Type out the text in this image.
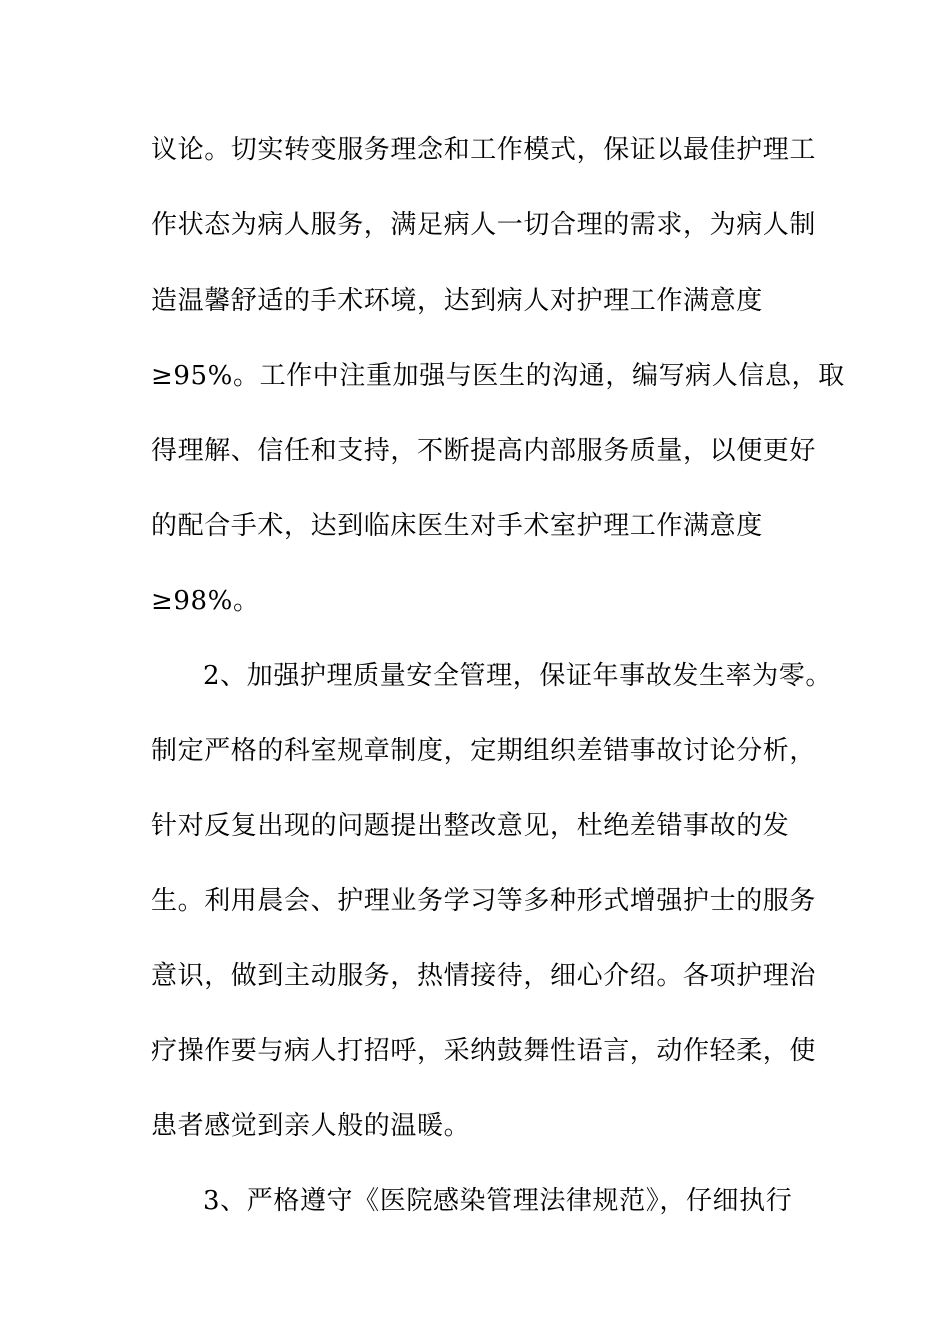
议论。切实转变服务理念和工作模式，保证以最佳护理工
作状态为病人服务，满足病人一切合理的需求，为病人制
造温馨舒适的手术环境，达到病人对护理工作满意度
≥95%。工作中注重加强与医生的沟通，编写病人信息，取
得理解、信任和支持，不断提高内部服务质量，以便更好
的配合手术，达到临床医生对手术室护理工作满意度
≥98%。
2、加强护理质量安全管理，保证年事故发生率为零。
制定严格的科室规章制度，定期组织差错事故讨论分析，
针对反复出现的问题提出整改意见，杜绝差错事故的发
生。利用晨会、护理业务学习等多种形式增强护士的服务
意识，做到主动服务，热情接待，细心介绍。各项护理治
疗操作要与病人打招呼，采纳鼓舞性语言，动作轻柔，使
患者感觉到亲人般的温暖。
3、严格遵守《医院感染管理法律规范》，仔细执行
